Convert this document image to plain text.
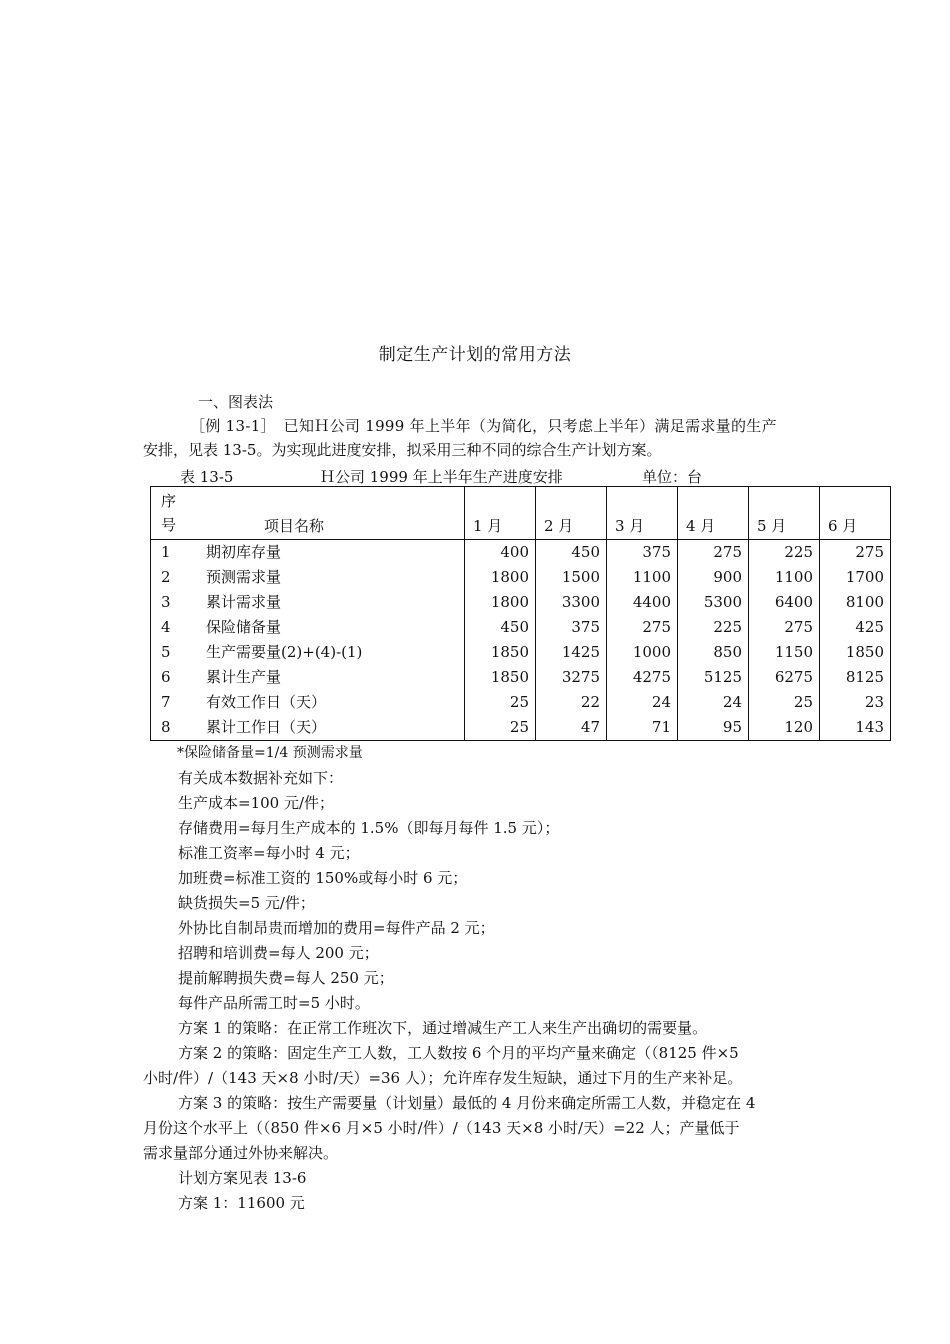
制定生产计划的常用方法
一、图表法
［例 13-1］　已知Ｈ公司 1999 年上半年（为简化，只考虑上半年）满足需求量的生产
安排，见表 13-5。为实现此进度安排，拟采用三种不同的综合生产计划方案。
表 13-5	Ｈ公司 1999 年上半年生产进度安排	单位：台
序
号	项目名称	1 月	2 月	3 月	4 月	5 月	6 月
1	期初库存量	400	450	375	275	225	275
2	预测需求量	1800	1500	1100	900	1100	1700
3	累计需求量	1800	3300	4400	5300	6400	8100
4	保险储备量	450	375	275	225	275	425
5	生产需要量(2)+(4)-(1)	1850	1425	1000	850	1150	1850
6	累计生产量	1850	3275	4275	5125	6275	8125
7	有效工作日（天）	25	22	24	24	25	23
8	累计工作日（天）	25	47	71	95	120	143
*保险储备量=1/4 预测需求量
有关成本数据补充如下：
生产成本=100 元/件；
存储费用=每月生产成本的 1.5%（即每月每件 1.5 元）；
标准工资率=每小时 4 元；
加班费=标准工资的 150%或每小时 6 元；
缺货损失=5 元/件；
外协比自制昂贵而增加的费用=每件产品 2 元；
招聘和培训费=每人 200 元；
提前解聘损失费=每人 250 元；
每件产品所需工时=5 小时。
方案 1 的策略：在正常工作班次下，通过增减生产工人来生产出确切的需要量。
方案 2 的策略：固定生产工人数，工人数按 6 个月的平均产量来确定（（8125 件×5
小时/件）/（143 天×8 小时/天）=36 人）；允许库存发生短缺，通过下月的生产来补足。
方案 3 的策略：按生产需要量（计划量）最低的 4 月份来确定所需工人数，并稳定在 4
月份这个水平上（（850 件×6 月×5 小时/件）/（143 天×8 小时/天）=22 人；产量低于
需求量部分通过外协来解决。
计划方案见表 13-6
方案 1：11600 元
